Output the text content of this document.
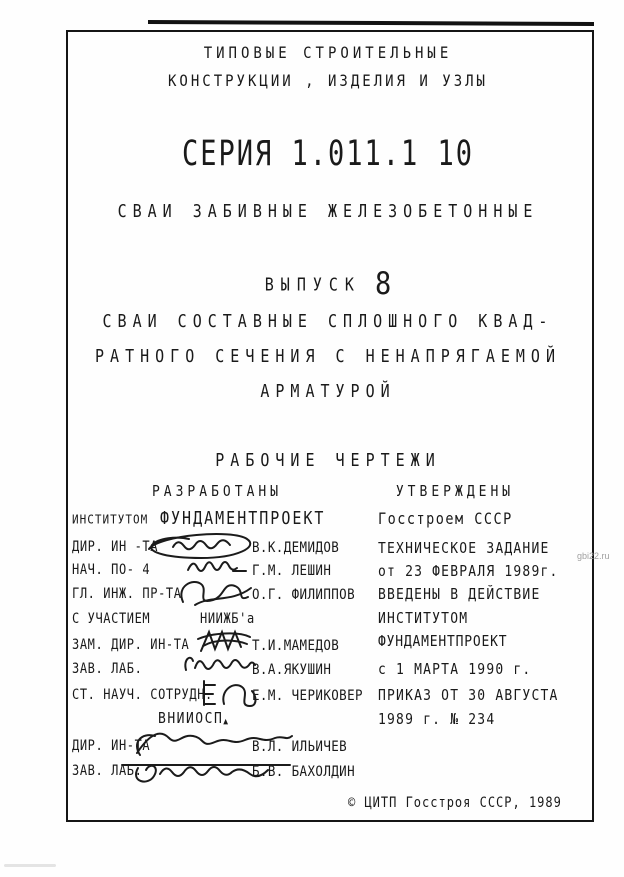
ТИПОВЫЕ СТРОИТЕЛЬНЫЕ
КОНСТРУКЦИИ , ИЗДЕЛИЯ И УЗЛЫ
СЕРИЯ 1.011.1 10
СВАИ ЗАБИВНЫЕ ЖЕЛЕЗОБЕТОННЫЕ
ВЫПУСК 8
СВАИ СОСТАВНЫЕ СПЛОШНОГО КВАД-
РАТНОГО СЕЧЕНИЯ С НЕНАПРЯГАЕМОЙ
АРМАТУРОЙ
РАБОЧИЕ ЧЕРТЕЖИ
РАЗРАБОТАНЫ	УТВЕРЖДЕНЫ
ИНСТИТУТОМ ФУНДАМЕНТПРОЕКТ	Госстроем СССР
ДИР. ИН -ТА	В.К.ДЕМИДОВ
НАЧ. ПО- 4	Г.М. ЛЕШИН
ГЛ. ИНЖ. ПР-ТА	О.Г. ФИЛИППОВ
С УЧАСТИЕМ	НИИЖБ'а
ЗАМ. ДИР. ИН-ТА	Т.И.МАМЕДОВ
ЗАВ. ЛАБ.	В.А.ЯКУШИН
СТ. НАУЧ. СОТРУДН.	Е.М. ЧЕРИКОВЕР
ВНИИОСП▲
ДИР. ИН-ТА	В.Л. ИЛЬИЧЕВ
ЗАВ. ЛАБ.	Б.В. БАХОЛДИН
ТЕХНИЧЕСКОЕ ЗАДАНИЕ
от 23 ФЕВРАЛЯ 1989г.
ВВЕДЕНЫ В ДЕЙСТВИЕ
ИНСТИТУТОМ
ФУНДАМЕНТПРОЕКТ
с 1 МАРТА 1990 г.
ПРИКАЗ ОТ 30 АВГУСТА
1989 г. № 234
© ЦИТП Госстроя СССР, 1989
gbi22.ru
